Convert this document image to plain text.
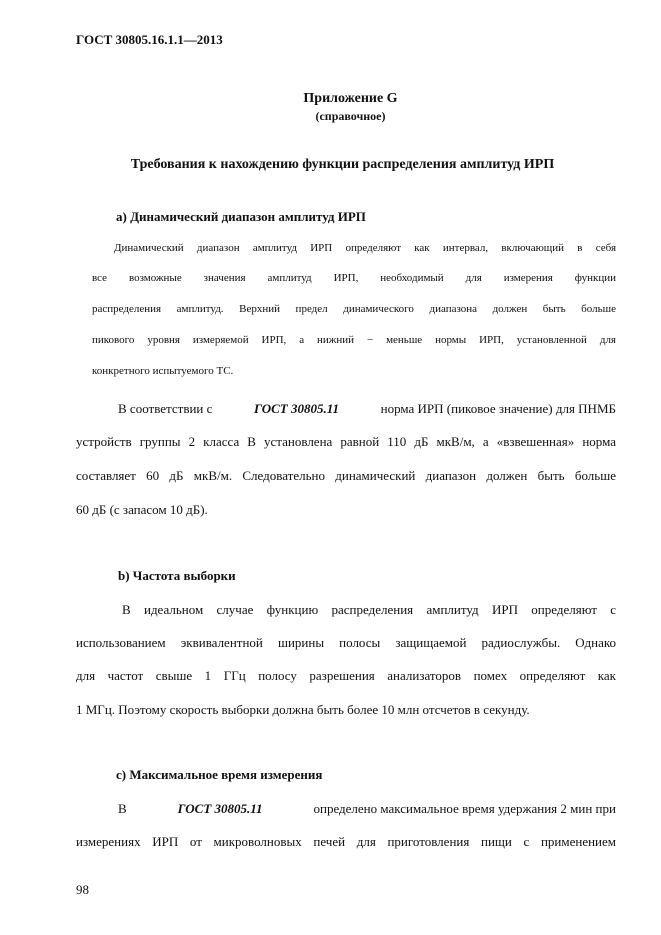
ГОСТ 30805.16.1.1—2013
Приложение G
(справочное)
Требования к нахождению функции распределения амплитуд ИРП
a) Динамический диапазон амплитуд ИРП
Динамический диапазон амплитуд ИРП определяют как интервал, включающий в себя
все возможные значения амплитуд ИРП, необходимый для измерения функции
распределения амплитуд. Верхний предел динамического диапазона должен быть больше
пикового уровня измеряемой ИРП, а нижний − меньше нормы ИРП, установленной для
конкретного испытуемого ТС.
В соответствии с	ГОСТ 30805.11	норма ИРП (пиковое значение) для ПНМБ
устройств группы 2 класса В установлена равной 110 дБ мкВ/м, а «взвешенная» норма
составляет 60 дБ мкВ/м. Следовательно динамический диапазон должен быть больше
60 дБ (с запасом 10 дБ).
b) Частота выборки
В идеальном случае функцию распределения амплитуд ИРП определяют с
использованием эквивалентной ширины полосы защищаемой радиослужбы. Однако
для частот свыше 1 ГГц полосу разрешения анализаторов помех определяют как
1 МГц. Поэтому скорость выборки должна быть более 10 млн отсчетов в секунду.
c) Максимальное время измерения
В	ГОСТ 30805.11	определено максимальное время удержания 2 мин при
измерениях ИРП от микроволновых печей для приготовления пищи с применением
98
